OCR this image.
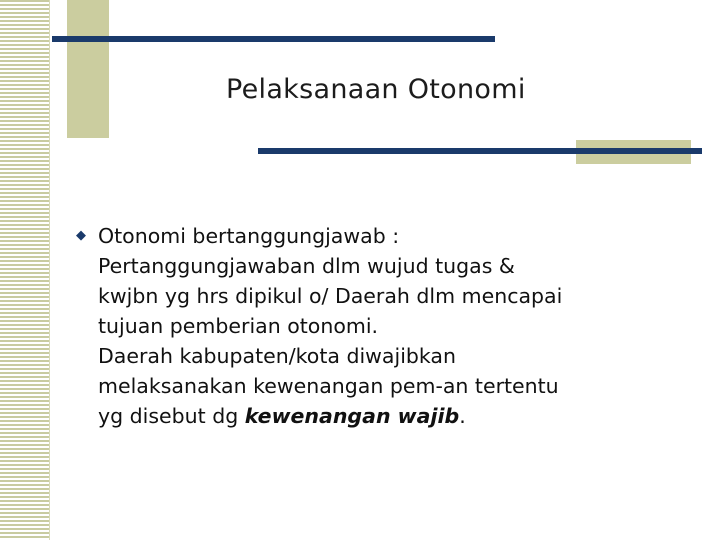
Pelaksanaan Otonomi
◆ Otonomi bertanggungjawab :
Pertanggungjawaban dlm wujud tugas &
kwjbn yg hrs dipikul o/ Daerah dlm mencapai
tujuan pemberian otonomi.
Daerah kabupaten/kota diwajibkan
melaksanakan kewenangan pem-an tertentu
yg disebut dg kewenangan wajib.
